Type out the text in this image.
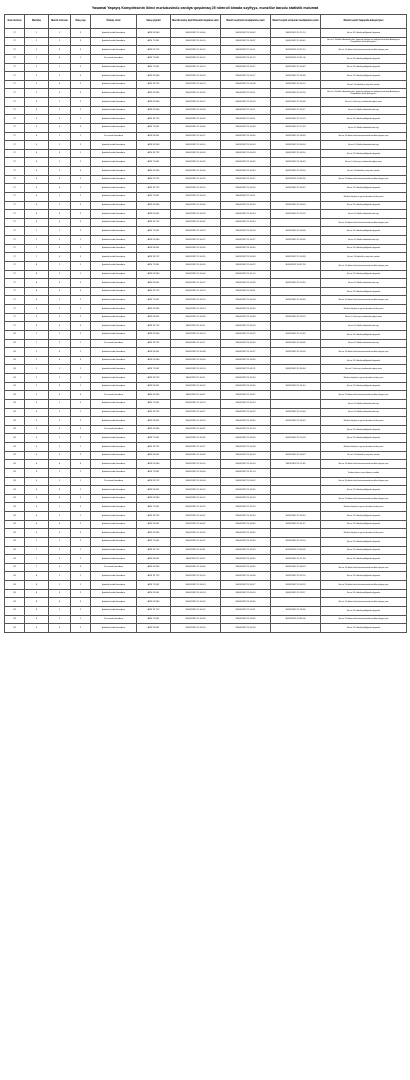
Yasamal Yaşayış Kompleksinin ikinci mərtəbəsində canlıya qoşulmaq 25 nömrəli binada səyfiyyə, mənzillər barədə statistik məlumat
Sıra nömrəsi	Mərtəbə	Mənzil nömrəsi	Otaq sayı	Ödəniş növü	Satış qiyməti	Mənzilə baxış keçirilməsinin başlama vaxtı	Mənzil seçiminin təsdiqlənmə vaxtı	Mənzil seçimi ərizəsinin təsdiqlənmə vaxtı	Mənzil seçimi haqqında kateqoriyası
27	1	1	2	İpoteka krediti hesabına	AZN 53 960	30/05/2022 11:00:00	30/05/2022 11:00:52	30/05/2022 11:11:10	Ən azı 15 il dövlət qulluğunda işləyənlər
27	1	2	3	İpoteka krediti hesabına	AZN 71 841	30/05/2022 11:00:10	30/05/2022 11:00:57	30/05/2022 11:09:45	Ən azı 3 il faktiki xidmətində olan, həmçinin ehtiyata və istefaya buraxılmış Azərbaycan Respublikası hərbi qulluqçuları
27	1	3	3	İpoteka krediti hesabına	AZN 53 222	30/05/2022 11:00:15	30/05/2022 11:00:11	30/05/2022 10:22:14	Ən azı 3 il dövlət təhsil müəssisəsində müəllim işləyən şəxs
27	1	4	1	Öz vəsaiti hesabına	AZN 71 841	30/05/2022 11:00:15	30/05/2022 11:01:22	30/05/2022 10:51:00	Ən azı 15 il dövlət qulluğunda işləyənlər
27	2	1	2	İpoteka krediti hesabına	AZN 71 841	30/05/2022 11:00:14	30/05/2022 11:00:17	30/05/2022 11:00:42	Ən azı 15 il dövlət qulluğunda işləyənlər
27	2	2	3	İpoteka krediti hesabına	AZN 53 960	30/05/2022 11:00:03	30/05/2022 11:00:17	30/05/2022 11:04:38	Ən azı 15 il dövlət qulluğunda işləyənlər
27	2	3	2	İpoteka krediti hesabına	AZN 33 222	30/05/2022 11:00:13	30/05/2022 11:00:08	30/05/2022 11:05:14	Ən azı 3 il hakimlik iş stajı olan şəxslər
27	2	4	3	İpoteka krediti hesabına	AZN 53 960	30/05/2022 11:00:16	30/05/2022 11:00:11	30/05/2022 11:02:26	Ən azı 3 il faktiki xidmətində olan, həmçinin ehtiyata və istefaya buraxılmış Azərbaycan Respublikası hərbi qulluqçuları
27	3	1	2	İpoteka krediti hesabına	AZN 53 960	30/05/2022 11:00:12	30/05/2022 11:00:19	30/05/2022 11:03:06	Ən azı 3 il elmi işçi vəzifəsində işləyən şəxs
27	3	2	2	İpoteka krediti hesabına	AZN 53 960	30/05/2022 11:00:09	30/05/2022 11:00:11	30/05/2022 11:03:27	Ən azı 3 il faktiki xidmətində olan işçi
27	3	3	1	İpoteka krediti hesabına	AZN 33 722	30/05/2022 11:00:03	30/05/2022 11:00:11	30/05/2022 11:10:15	Ən azı 15 il dövlət qulluğunda işləyənlər
27	3	4	3	İpoteka krediti hesabına	AZN 71 841	30/05/2022 11:00:06	30/05/2022 11:00:59	30/05/2022 11:17:34	Ən azı 3 il faktiki xidmətində olan işçi
27	4	1	1	Öz vəsaiti hesabına	AZN 53 841	30/05/2022 11:00:12	30/05/2022 11:00:05	30/05/2022 11:08:39	Ən azı 3 il dövlət təhsil müəssisəsində müəllim işləyən şəxs
27	4	2	2	İpoteka krediti hesabına	AZN 53 960	30/05/2022 11:00:10	30/05/2022 11:00:16	30/05/2022 11:06:00	Ən azı 3 il faktiki xidmətində olan işçi
27	4	3	1	İpoteka krediti hesabına	AZN 33 722	30/05/2022 11:00:03	30/05/2022 11:00:59	30/05/2022 11:09:10	Ən azı 15 il dövlət qulluğunda işləyənlər
27	5	1	2	İpoteka krediti hesabına	AZN 71 841	30/05/2022 11:00:05	30/05/2022 11:00:52	30/05/2022 11:05:49	Ən azı 3 il elmi işçi vəzifəsində işləyən şəxs
27	5	2	3	İpoteka krediti hesabına	AZN 53 960	30/05/2022 11:00:00	30/05/2022 11:00:43	30/05/2022 11:09:10	Ən azı 3 il hakimlik iş stajı olan şəxslər
27	5	3	2	İpoteka krediti hesabına	AZN 53 222	30/05/2022 11:00:16	30/05/2022 11:00:27	30/05/2022 10:55:52	Ən azı 3 il dövlət təhsil müəssisəsində müəllim işləyən şəxs
27	5	4	1	İpoteka krediti hesabına	AZN 33 722	30/05/2022 11:00:15	30/05/2022 11:00:15	30/05/2022 11:05:32	Ən azı 15 il dövlət qulluğunda işləyənlər
27	6	1	2	İpoteka krediti hesabına	AZN 71 841	30/05/2022 11:00:03	30/05/2022 11:00:11		Məcburi köçkün və ya ona bərabər tutulan şəxs
27	6	2	3	İpoteka krediti hesabına	AZN 53 960	30/05/2022 11:00:06	30/05/2022 11:00:15	30/05/2022 11:00:03	Ən azı 15 il dövlət qulluğunda işləyənlər
27	6	3	2	İpoteka krediti hesabına	AZN 53 841	30/05/2022 11:00:03	30/05/2022 11:00:24	30/05/2022 11:13:19	Ən azı 3 il faktiki xidmətində olan işçi
27	6	4	3	İpoteka krediti hesabına	AZN 33 722	30/05/2022 11:00:02	30/05/2022 11:00:44		Ən azı 3 il dövlət təhsil müəssisəsində müəllim işləyən şəxs
27	7	1	2	İpoteka krediti hesabına	AZN 71 841	30/05/2022 11:00:13	30/05/2022 11:00:18	30/05/2022 11:00:08	Ən azı 15 il dövlət qulluğunda işləyənlər
27	7	2	1	İpoteka krediti hesabına	AZN 53 960	30/05/2022 11:00:12	30/05/2022 11:00:27	30/05/2022 11:00:36	Ən azı 3 il faktiki xidmətində olan işçi
27	7	3	2	İpoteka krediti hesabına	AZN 53 841	30/05/2022 11:00:09	30/05/2022 11:00:40		Ən azı 15 il dövlət qulluğunda işləyənlər
27	7	4	3	İpoteka krediti hesabına	AZN 33 222	30/05/2022 11:00:15	30/05/2022 11:00:50	30/05/2022 11:00:38	Ən azı 3 il hakimlik iş stajı olan şəxslər
27	8	1	2	İpoteka krediti hesabına	AZN 71 841	30/05/2022 11:00:16	30/05/2022 11:00:22	30/05/2022 14:57:53	Ən azı 3 il dövlət təhsil müəssisəsində müəllim işləyən şəxs
27	8	2	1	İpoteka krediti hesabına	AZN 53 960	30/05/2022 11:00:04	30/05/2022 11:01:10		Ən azı 15 il dövlət qulluğunda işləyənlər
27	8	3	2	İpoteka krediti hesabına	AZN 53 841	30/05/2022 11:00:12	30/05/2022 11:00:38	30/05/2022 11:10:53	Ən azı 3 il faktiki xidmətində olan işçi
27	8	4	3	İpoteka krediti hesabına	AZN 33 722	30/05/2022 11:00:13	30/05/2022 11:00:51		Ən azı 15 il dövlət qulluğunda işləyənlər
27	9	1	2	İpoteka krediti hesabına	AZN 71 841	30/05/2022 11:00:15	30/05/2022 11:00:04	30/05/2022 11:00:00	Ən azı 3 il dövlət təhsil müəssisəsində müəllim işləyən şəxs
27	9	2	1	İpoteka krediti hesabına	AZN 53 960	30/05/2022 11:00:14	30/05/2022 11:00:26		Məcburi köçkün və ya ona bərabər tutulan şəxs
27	9	3	2	İpoteka krediti hesabına	AZN 53 841	30/05/2022 11:00:03	30/05/2022 11:00:48	30/05/2022 11:03:13	Ən azı 3 il elmi işçi vəzifəsində işləyən şəxs
27	9	4	3	İpoteka krediti hesabına	AZN 33 722	30/05/2022 11:00:11	30/05/2022 11:00:29		Ən azı 3 il faktiki xidmətində olan işçi
28	1	1	2	İpoteka krediti hesabına	AZN 53 960	30/05/2022 11:00:13	30/05/2022 11:00:22	30/05/2022 11:10:33	Ən azı 15 il dövlət qulluğunda işləyənlər
28	1	2	1	Öz vəsaiti hesabına	AZN 33 222	30/05/2022 11:00:17	30/05/2022 11:00:30	30/05/2022 11:08:06	Ən azı 3 il faktiki xidmətində olan işçi
28	1	3	2	İpoteka krediti hesabına	AZN 53 841	30/05/2022 11:00:08	30/05/2022 11:00:27	30/05/2022 11:00:18	Ən azı 3 il dövlət təhsil müəssisəsində müəllim işləyən şəxs
28	1	4	3	İpoteka krediti hesabına	AZN 53 960	30/05/2022 11:00:04	30/05/2022 11:00:36		Ən azı 15 il dövlət qulluğunda işləyənlər
28	2	1	2	İpoteka krediti hesabına	AZN 71 841	30/05/2022 11:00:14	30/05/2022 11:01:21	30/05/2022 11:05:00	Ən azı 3 il elmi işçi vəzifəsində işləyən şəxs
28	2	2	1	İpoteka krediti hesabına	AZN 33 222	30/05/2022 11:00:11	30/05/2022 11:00:34		Məcburi köçkün və ya ona bərabər tutulan şəxs
28	2	3	2	İpoteka krediti hesabına	AZN 53 841	30/05/2022 11:00:07	30/05/2022 11:00:56	30/05/2022 11:01:44	Ən azı 15 il dövlət qulluğunda işləyənlər
28	2	4	3	Öz vəsaiti hesabına	AZN 53 960	30/05/2022 11:00:11	30/05/2022 11:00:57		Ən azı 3 il dövlət təhsil müəssisəsində müəllim işləyən şəxs
28	3	1	2	İpoteka krediti hesabına	AZN 71 841	30/05/2022 11:00:13	30/05/2022 11:00:13		Ən azı 3 il faktiki xidmətində olan işçi
28	3	2	1	İpoteka krediti hesabına	AZN 33 222	30/05/2022 11:00:17	30/05/2022 11:00:22	30/05/2022 11:10:04	Ən azı 3 il faktiki xidmətində olan işçi
28	3	3	2	İpoteka krediti hesabına	AZN 53 841	30/05/2022 11:00:10	30/05/2022 11:00:55	30/05/2022 11:05:43	Məcburi köçkün və ya ona bərabər tutulan şəxs
28	3	4	3	Öz vəsaiti hesabına	AZN 53 960	30/05/2022 11:00:07	30/05/2022 11:01:19		Ən azı 15 il dövlət qulluğunda işləyənlər
28	4	1	2	İpoteka krediti hesabına	AZN 71 841	30/05/2022 11:00:05	30/05/2022 11:00:20	30/05/2022 11:10:18	Ən azı 15 il dövlət qulluğunda işləyənlər
28	4	2	1	İpoteka krediti hesabına	AZN 33 222	30/05/2022 11:00:17	30/05/2022 11:00:09		Məcburi köçkün və ya ona bərabər tutulan şəxs
28	4	3	2	İpoteka krediti hesabına	AZN 53 841	30/05/2022 11:00:09	30/05/2022 11:00:23	30/05/2022 11:03:42	Ən azı 3 il hakimlik iş stajı olan şəxslər
28	4	4	3	İpoteka krediti hesabına	AZN 53 960	30/05/2022 11:00:10	30/05/2022 11:00:13	30/05/2022 11:11:09	Ən azı 3 il dövlət təhsil müəssisəsində müəllim işləyən şəxs
28	5	1	2	İpoteka krediti hesabına	AZN 71 841	30/05/2022 11:00:04	30/05/2022 11:01:14		Sərbəst elanın və ya ödəmə, müddət
28	5	2	1	Öz vəsaiti hesabına	AZN 33 222	30/05/2022 11:00:04	30/05/2022 11:00:32		Ən azı 3 il dövlət təhsil müəssisəsində müəllim işləyən şəxs
28	5	3	2	İpoteka krediti hesabına	AZN 53 841	30/05/2022 11:00:15	30/05/2022 11:00:55		Ən azı 15 il dövlət qulluğunda işləyənlər
28	5	4	3	İpoteka krediti hesabına	AZN 53 960	30/05/2022 11:00:12	30/05/2022 11:00:13		Ən azı 3 il dövlət təhsil müəssisəsində müəllim işləyən şəxs
28	6	1	2	İpoteka krediti hesabına	AZN 71 841	30/05/2022 11:00:15	30/05/2022 11:02:13		Məcburi köçkün və ya ona bərabər tutulan şəxs
28	6	2	1	İpoteka krediti hesabına	AZN 33 222	30/05/2022 11:00:07	30/05/2022 11:00:33	30/05/2022 11:03:54	Ən azı 15 il dövlət qulluğunda işləyənlər
28	6	3	2	İpoteka krediti hesabına	AZN 53 841	30/05/2022 11:00:02	30/05/2022 11:00:45	30/05/2022 11:01:37	Ən azı 15 il dövlət qulluğunda işləyənlər
28	6	4	3	İpoteka krediti hesabına	AZN 53 960	30/05/2022 11:00:16	30/05/2022 11:00:52		Məcburi köçkün və ya ona bərabər tutulan şəxs
28	7	1	2	İpoteka krediti hesabına	AZN 71 841	30/05/2022 11:00:12	30/05/2022 11:00:20	30/05/2022 11:16:14	Ən azı 15 il dövlət qulluğunda işləyənlər
28	7	2	1	İpoteka krediti hesabına	AZN 33 722	30/05/2022 11:00:01	30/05/2022 11:00:33	30/05/2022 10:28:45	Ən azı 15 il dövlət qulluğunda işləyənlər
28	7	3	2	İpoteka krediti hesabına	AZN 53 841	30/05/2022 11:00:11	30/05/2022 11:00:35	30/05/2022 11:21:56	Ən azı 15 il dövlət qulluğunda işləyənlər
28	7	4	3	Öz vəsaiti hesabına	AZN 53 960	30/05/2022 11:00:06	30/05/2022 11:00:55	30/05/2022 11:08:19	Ən azı 3 il dövlət təhsil müəssisəsində müəllim işləyən şəxs
28	8	1	2	İpoteka krediti hesabına	AZN 33 722	30/05/2022 11:00:10	30/05/2022 11:00:08	30/05/2022 11:02:16	Ən azı 15 il dövlət qulluğunda işləyənlər
28	8	2	1	İpoteka krediti hesabına	AZN 71 841	30/05/2022 11:00:13	30/05/2022 11:00:27	30/05/2022 11:03:19	Ən azı 3 il dövlət təhsil müəssisəsində müəllim işləyən şəxs
28	8	3	2	İpoteka krediti hesabına	AZN 53 841	30/05/2022 11:00:14	30/05/2022 11:00:14	30/05/2022 11:29:17	Ən azı 15 il dövlət qulluğunda işləyənlər
28	8	4	3	İpoteka krediti hesabına	AZN 53 960	30/05/2022 11:00:16	30/05/2022 11:00:46		Ən azı 3 il dövlət təhsil müəssisəsində müəllim işləyən şəxs
28	9	1	2	İpoteka krediti hesabına	AZN 33 722	30/05/2022 11:00:07	30/05/2022 11:00:21	30/05/2022 11:05:36	Ən azı 15 il dövlət qulluğunda işləyənlər
28	9	2	1	Öz vəsaiti hesabına	AZN 71 841	30/05/2022 11:00:03	30/05/2022 11:00:02	30/05/2022 10:55:00	Ən azı 3 il dövlət təhsil müəssisəsində müəllim işləyən şəxs
28	9	3	2	İpoteka krediti hesabına	AZN 53 841	30/05/2022 11:00:16	30/05/2022 11:00:03		Ən azı 15 il dövlət qulluğunda işləyənlər
